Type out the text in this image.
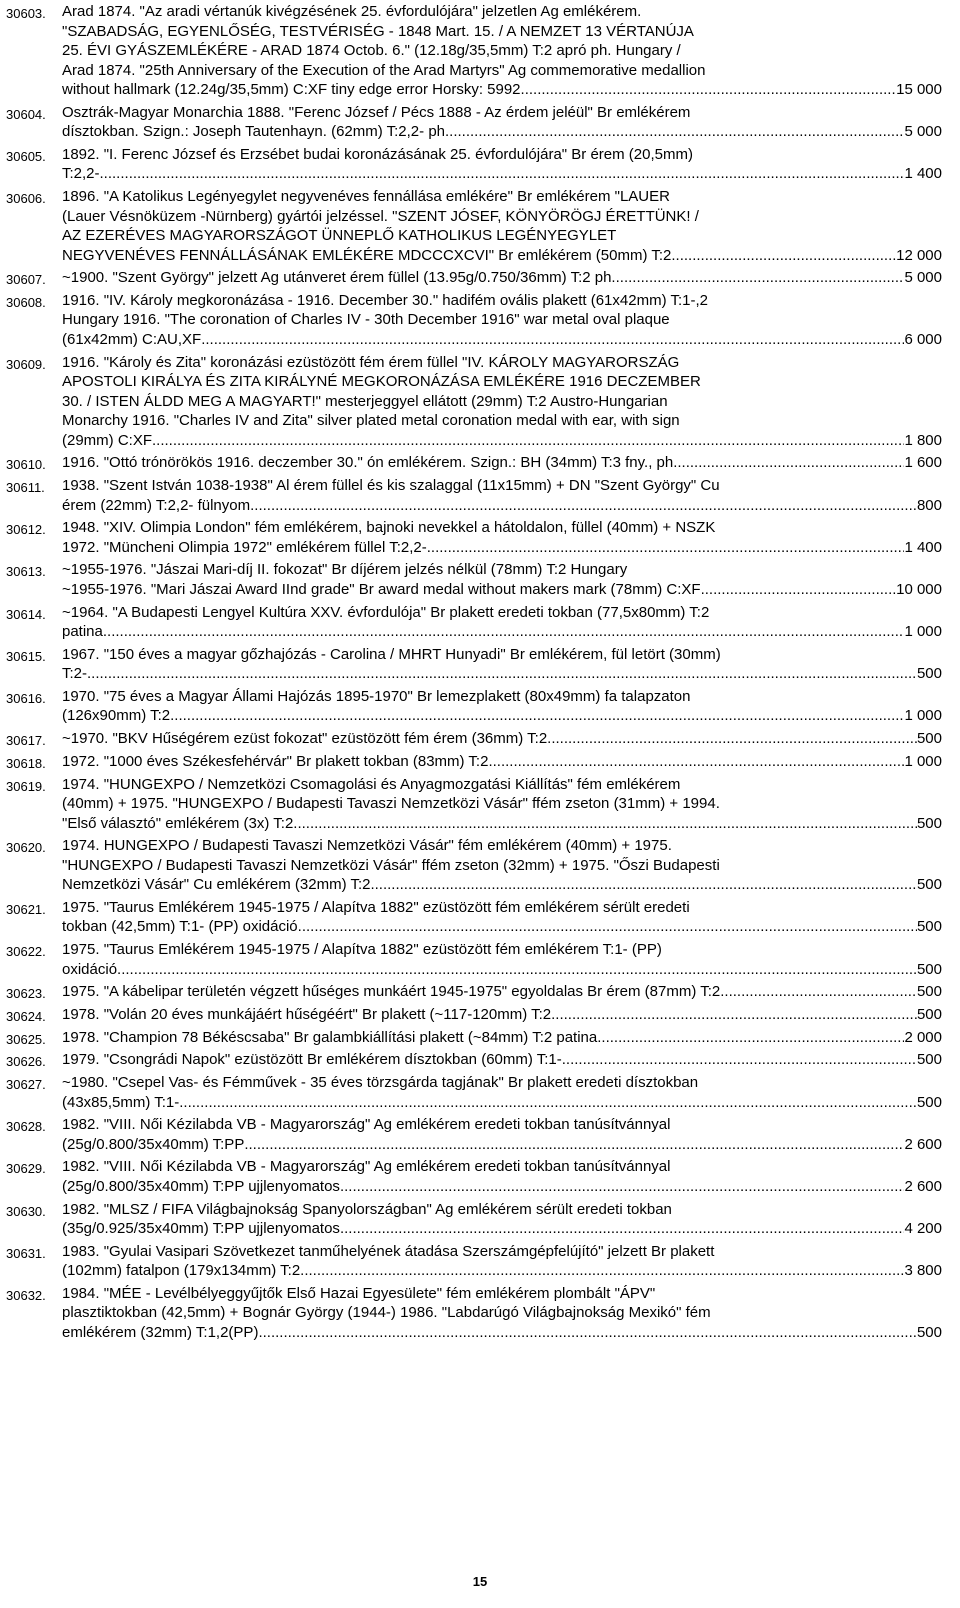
30603. Arad 1874. "Az aradi vértanúk kivégzésének 25. évfordulójára" jelzetlen Ag emlékérem.
"SZABADSÁG, EGYENLŐSÉG, TESTVÉRISÉG - 1848 Mart. 15. / A NEMZET 13 VÉRTANÚJA
25. ÉVI GYÁSZEMLÉKÉRE - ARAD 1874 Octob. 6." (12.18g/35,5mm) T:2 apró ph. Hungary /
Arad 1874. "25th Anniversary of the Execution of the Arad Martyrs" Ag commemorative medallion
without hallmark (12.24g/35,5mm) C:XF tiny edge error Horsky: 5992. .....	15 000
30604. Osztrák-Magyar Monarchia 1888. "Ferenc József / Pécs 1888 - Az érdem jeléül" Br emlékérem
dísztokban. Szign.: Joseph Tautenhayn. (62mm) T:2,2- ph. .....	5 000
30605. 1892. "I. Ferenc József és Erzsébet budai koronázásának 25. évfordulójára" Br érem (20,5mm)
T:2,2- .....	1 400
30606. 1896. "A Katolikus Legényegylet negyvenéves fennállása emlékére" Br emlékérem "LAUER
(Lauer Vésnöküzem -Nürnberg) gyártói jelzéssel. "SZENT JÓSEF, KÖNYÖRÖGJ ÉRETTÜNK! /
AZ EZERÉVES MAGYARORSZÁGOT ÜNNEPLŐ KATHOLIKUS LEGÉNYEGYLET
NEGYVENÉVES FENNÁLLÁSÁNAK EMLÉKÉRE MDCCCXCVI" Br emlékérem (50mm) T:2 .....	12 000
30607. ~1900. "Szent György" jelzett Ag utánveret érem füllel (13.95g/0.750/36mm) T:2 ph. .....	5 000
30608. 1916. "IV. Károly megkoronázása - 1916. December 30." hadifém ovális plakett (61x42mm) T:1-,2
Hungary 1916. "The coronation of Charles IV - 30th December 1916" war metal oval plaque
(61x42mm) C:AU,XF .....	6 000
30609. 1916. "Károly és Zita" koronázási ezüstözött fém érem füllel "IV. KÁROLY MAGYARORSZÁG
APOSTOLI KIRÁLYA ÉS ZITA KIRÁLYNÉ MEGKORONÁZÁSA EMLÉKÉRE 1916 DECZEMBER
30. / ISTEN ÁLDD MEG A MAGYART!" mesterjeggyel ellátott (29mm) T:2 Austro-Hungarian
Monarchy 1916. "Charles IV and Zita" silver plated metal coronation medal with ear, with sign
(29mm) C:XF .....	1 800
30610. 1916. "Ottó trónörökös 1916. deczember 30." ón emlékérem. Szign.: BH (34mm) T:3 fny., ph. .....	1 600
30611. 1938. "Szent István 1038-1938" Al érem füllel és kis szalaggal (11x15mm) + DN "Szent György" Cu
érem (22mm) T:2,2- fülnyom .....	800
30612. 1948. "XIV. Olimpia London" fém emlékérem, bajnoki nevekkel a hátoldalon, füllel (40mm) + NSZK
1972. "Müncheni Olimpia 1972" emlékérem füllel T:2,2- .....	1 400
30613. ~1955-1976. "Jászai Mari-díj II. fokozat" Br díjérem jelzés nélkül (78mm) T:2 Hungary
~1955-1976. "Mari Jászai Award IInd grade" Br award medal without makers mark (78mm) C:XF .....	10 000
30614. ~1964. "A Budapesti Lengyel Kultúra XXV. évfordulója" Br plakett eredeti tokban (77,5x80mm) T:2
patina .....	1 000
30615. 1967. "150 éves a magyar gőzhajózás - Carolina / MHRT Hunyadi" Br emlékérem, fül letört (30mm)
T:2- .....	500
30616. 1970. "75 éves a Magyar Állami Hajózás 1895-1970" Br lemezplakett (80x49mm) fa talapzaton
(126x90mm) T:2 .....	1 000
30617. ~1970. "BKV Hűségérem ezüst fokozat" ezüstözött fém érem (36mm) T:2 .....	500
30618. 1972. "1000 éves Székesfehérvár" Br plakett tokban (83mm) T:2 .....	1 000
30619. 1974. "HUNGEXPO / Nemzetközi Csomagolási és Anyagmozgatási Kiállítás" fém emlékérem
(40mm) + 1975. "HUNGEXPO / Budapesti Tavaszi Nemzetközi Vásár" ffém zseton (31mm) + 1994.
"Első választó" emlékérem (3x) T:2 .....	500
30620. 1974. HUNGEXPO / Budapesti Tavaszi Nemzetközi Vásár" fém emlékérem (40mm) + 1975.
"HUNGEXPO / Budapesti Tavaszi Nemzetközi Vásár" ffém zseton (32mm) + 1975. "Őszi Budapesti
Nemzetközi Vásár" Cu emlékérem (32mm) T:2 .....	500
30621. 1975. "Taurus Emlékérem 1945-1975 / Alapítva 1882" ezüstözött fém emlékérem sérült eredeti
tokban (42,5mm) T:1- (PP) oxidáció .....	500
30622. 1975. "Taurus Emlékérem 1945-1975 / Alapítva 1882" ezüstözött fém emlékérem T:1- (PP)
oxidáció .....	500
30623. 1975. "A kábelipar területén végzett hűséges munkáért 1945-1975" egyoldalas Br érem (87mm) T:2 .....	500
30624. 1978. "Volán 20 éves munkájáért hűségéért" Br plakett (~117-120mm) T:2 .....	500
30625. 1978. "Champion 78 Békéscsaba" Br galambkiállítási plakett (~84mm) T:2 patina .....	2 000
30626. 1979. "Csongrádi Napok" ezüstözött Br emlékérem dísztokban (60mm) T:1- .....	500
30627. ~1980. "Csepel Vas- és Fémművek - 35 éves törzsgárda tagjának" Br plakett eredeti dísztokban
(43x85,5mm) T:1- .....	500
30628. 1982. "VIII. Női Kézilabda VB - Magyarország" Ag emlékérem eredeti tokban tanúsítvánnyal
(25g/0.800/35x40mm) T:PP .....	2 600
30629. 1982. "VIII. Női Kézilabda VB - Magyarország" Ag emlékérem eredeti tokban tanúsítvánnyal
(25g/0.800/35x40mm) T:PP ujjlenyomatos .....	2 600
30630. 1982. "MLSZ / FIFA Világbajnokság Spanyolországban" Ag emlékérem sérült eredeti tokban
(35g/0.925/35x40mm) T:PP ujjlenyomatos .....	4 200
30631. 1983. "Gyulai Vasipari Szövetkezet tanműhelyének átadása Szerszámgépfelújító" jelzett Br plakett
(102mm) fatalpon (179x134mm) T:2 .....	3 800
30632. 1984. "MÉE - Levélbélyeggyűjtők Első Hazai Egyesülete" fém emlékérem plombált "ÁPV"
plasztiktokban (42,5mm) + Bognár György (1944-) 1986. "Labdarúgó Világbajnokság Mexikó" fém
emlékérem (32mm) T:1,2(PP) .....	500
15
